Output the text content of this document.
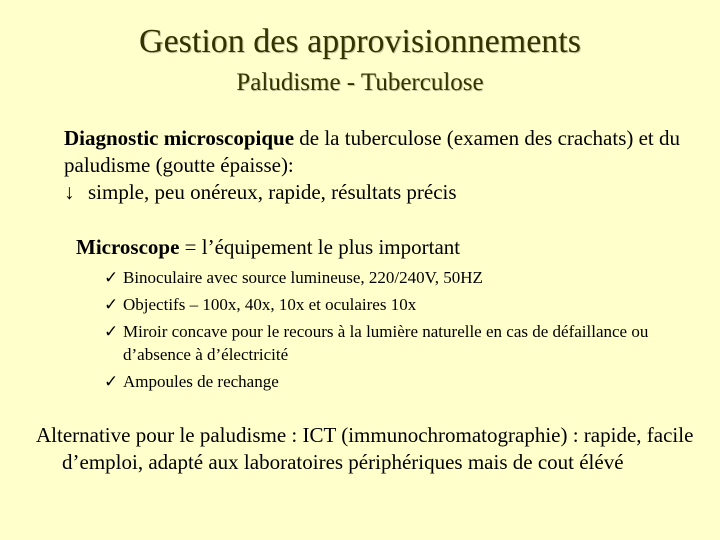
Gestion des approvisionnements
Paludisme - Tuberculose
Diagnostic microscopique de la tuberculose (examen des crachats) et du paludisme (goutte épaisse):
↓ simple, peu onéreux, rapide, résultats précis
Microscope = l’équipement le plus important
✓ Binoculaire avec source lumineuse, 220/240V, 50HZ
✓ Objectifs – 100x, 40x, 10x et oculaires 10x
✓ Miroir concave pour le recours à la lumière naturelle en cas de défaillance ou d’absence à d’électricité
✓ Ampoules de rechange
Alternative pour le paludisme : ICT (immunochromatographie) : rapide, facile d’emploi, adapté aux laboratoires périphériques mais de cout élévé
